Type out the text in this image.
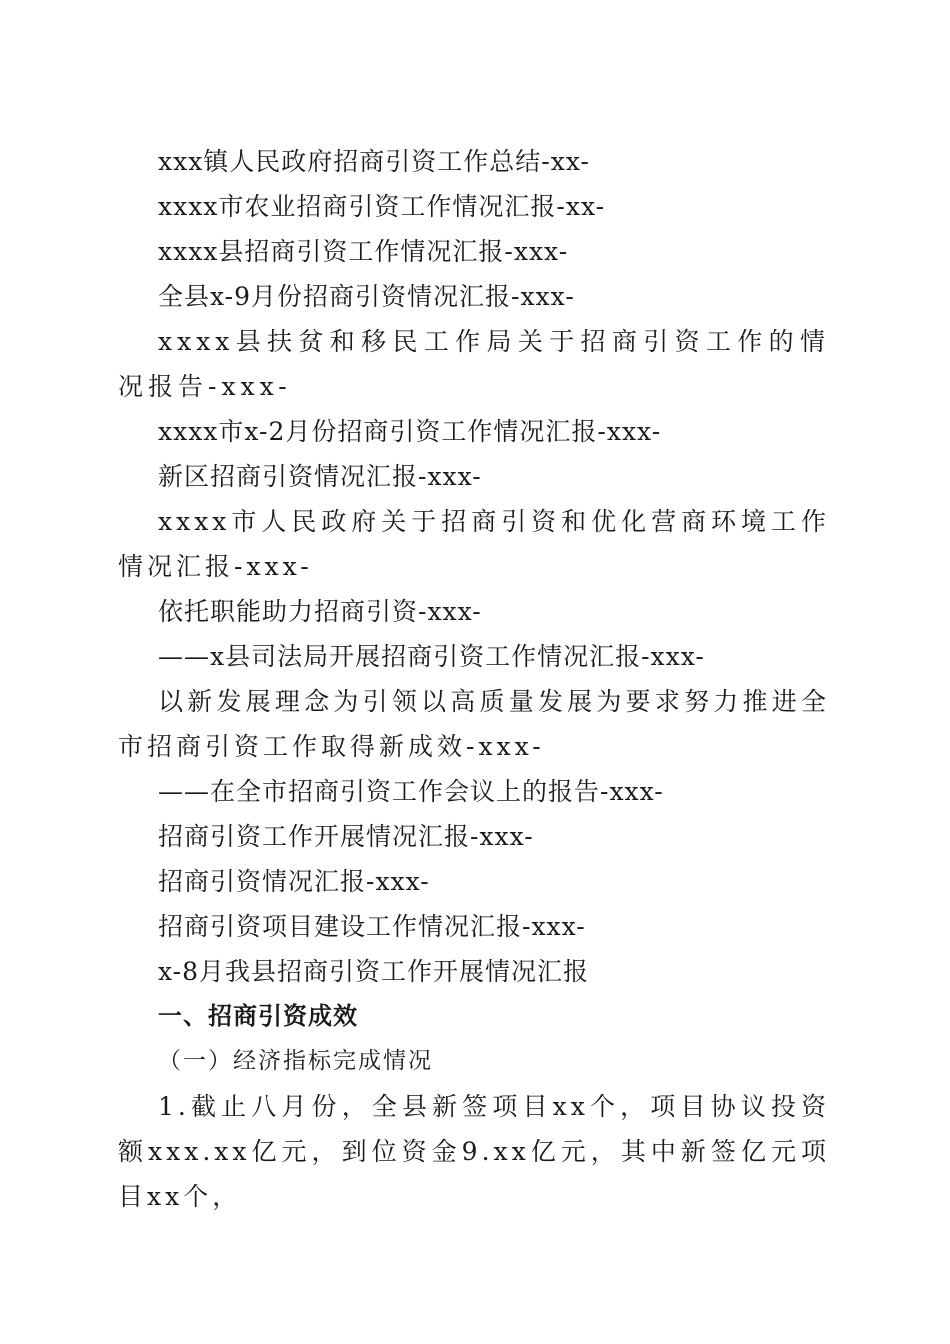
xxx镇人民政府招商引资工作总结-xx-

xxxx市农业招商引资工作情况汇报-xx-

xxxx县招商引资工作情况汇报-xxx-

全县x-9月份招商引资情况汇报-xxx-

xxxx县扶贫和移民工作局关于招商引资工作的情况报告-xxx-

xxxx市x-2月份招商引资工作情况汇报-xxx-

新区招商引资情况汇报-xxx-

xxxx市人民政府关于招商引资和优化营商环境工作情况汇报-xxx-

依托职能助力招商引资-xxx-

——x县司法局开展招商引资工作情况汇报-xxx-

以新发展理念为引领以高质量发展为要求努力推进全市招商引资工作取得新成效-xxx-

——在全市招商引资工作会议上的报告-xxx-

招商引资工作开展情况汇报-xxx-

招商引资情况汇报-xxx-

招商引资项目建设工作情况汇报-xxx-

x-8月我县招商引资工作开展情况汇报

一、招商引资成效

（一）经济指标完成情况

1.截止八月份，全县新签项目xx个，项目协议投资额xxx.xx亿元，到位资金9.xx亿元，其中新签亿元项目xx个，
